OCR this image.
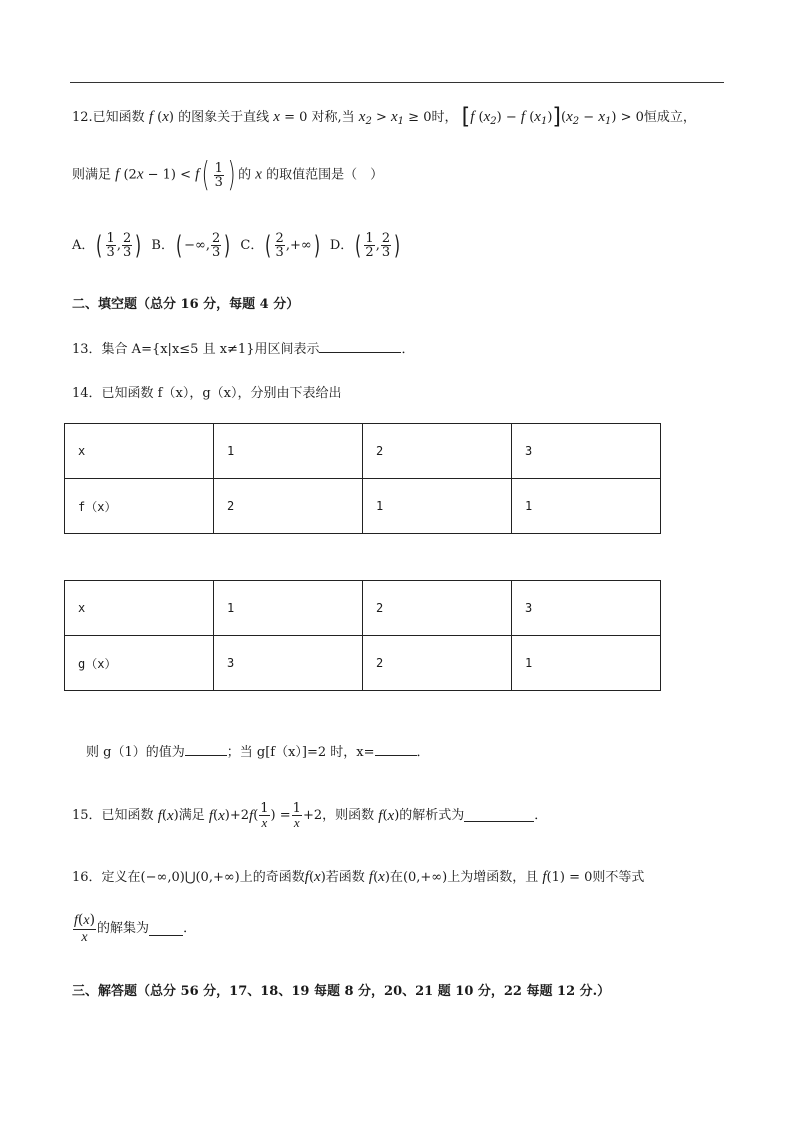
12.已知函数 f (x) 的图象关于直线 x = 0 对称,当 $x_2 > x_1 \ge 0$时， [f $(x_2) - f$ $(x_1)](x_2 - x_1) > 0$恒成立，
则满足 f $(2x - 1) < f( \frac{1}{3}$ ) 的 x 的取值范围是（　）
A． ( $\frac{1}{3}$ , $\frac{2}{3}$ ) B． ( −∞, $\frac{2}{3}$ ) C． ( $\frac{2}{3}$ ,+∞ ) D． ( $\frac{1}{2}$ , $\frac{2}{3}$ )
二、填空题（总分 16 分，每题 4 分）
13．集合 A={x|x≤5 且 x≠1}用区间表示	．
14．已知函数 f（x），g（x），分别由下表给出
x	1	2	3
f（x）	2	1	1
x	1	2	3
g（x）	3	2	1
则 g（1）的值为	；当 g[f（x）]=2 时，x=	．
15．已知函数
f ( x ) 满足
f ( x )+2 f ( $\frac{1}{x}$ ) = $\frac{1}{x} +2$ ，则函数
f ( x ) 的解析式为	．
16．定义在(−∞,0)⋃(0,+∞)上的奇函数f(x)若函数 f(x)在(0,+∞)上为增函数，且 f(1) = 0则不等式
$\frac{f(x)}{x}$ 的解集为	．
三、解答题（总分 56 分，17、18、19 每题 8 分，20、21 题 10 分，22 每题 12 分.）
